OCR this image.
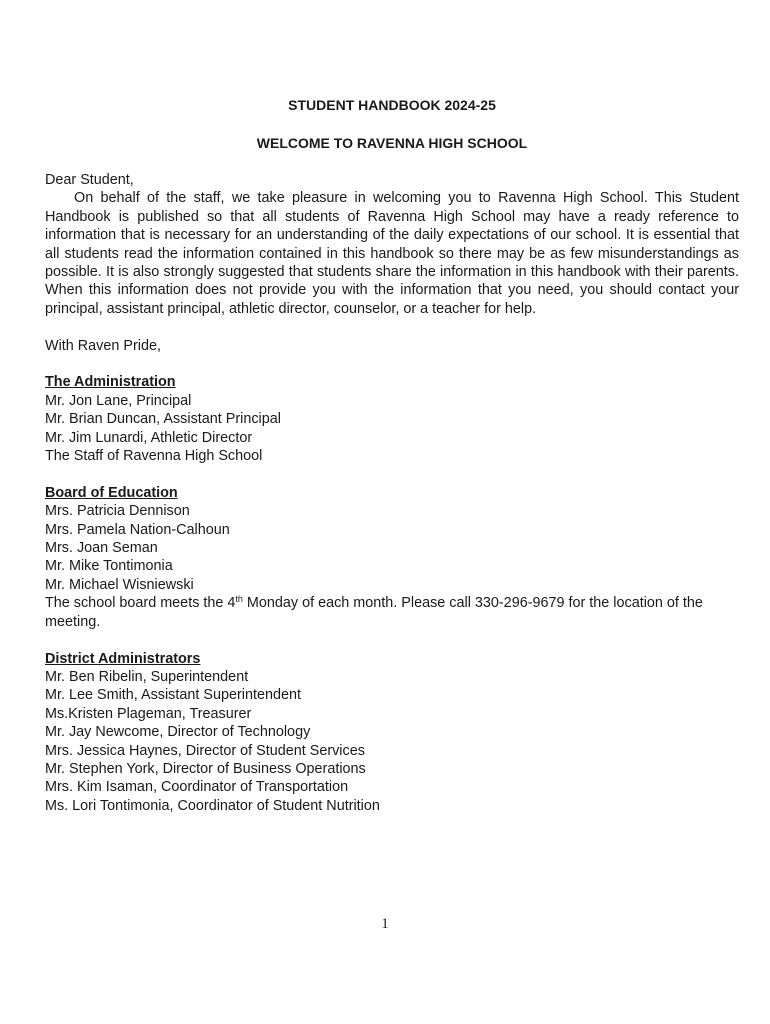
STUDENT HANDBOOK 2024-25
WELCOME TO RAVENNA HIGH SCHOOL

Dear Student,

On behalf of the staff, we take pleasure in welcoming you to Ravenna High School. This Student Handbook is published so that all students of Ravenna High School may have a ready reference to information that is necessary for an understanding of the daily expectations of our school. It is essential that all students read the information contained in this handbook so there may be as few misunderstandings as possible. It is also strongly suggested that students share the information in this handbook with their parents. When this information does not provide you with the information that you need, you should contact your principal, assistant principal, athletic director, counselor, or a teacher for help.

With Raven Pride,

The Administration

Mr. Jon Lane, Principal

Mr. Brian Duncan, Assistant Principal

Mr. Jim Lunardi, Athletic Director

The Staff of Ravenna High School

Board of Education

Mrs. Patricia Dennison

Mrs. Pamela Nation-Calhoun

Mrs. Joan Seman

Mr. Mike Tontimonia

Mr. Michael Wisniewski

The school board meets the 4th Monday of each month. Please call 330-296-9679 for the location of the meeting.

District Administrators

Mr. Ben Ribelin, Superintendent

Mr. Lee Smith, Assistant Superintendent

Ms.Kristen Plageman, Treasurer

Mr. Jay Newcome, Director of Technology

Mrs. Jessica Haynes, Director of Student Services

Mr. Stephen York, Director of Business Operations

Mrs. Kim Isaman, Coordinator of Transportation

Ms. Lori Tontimonia, Coordinator of Student Nutrition

1
